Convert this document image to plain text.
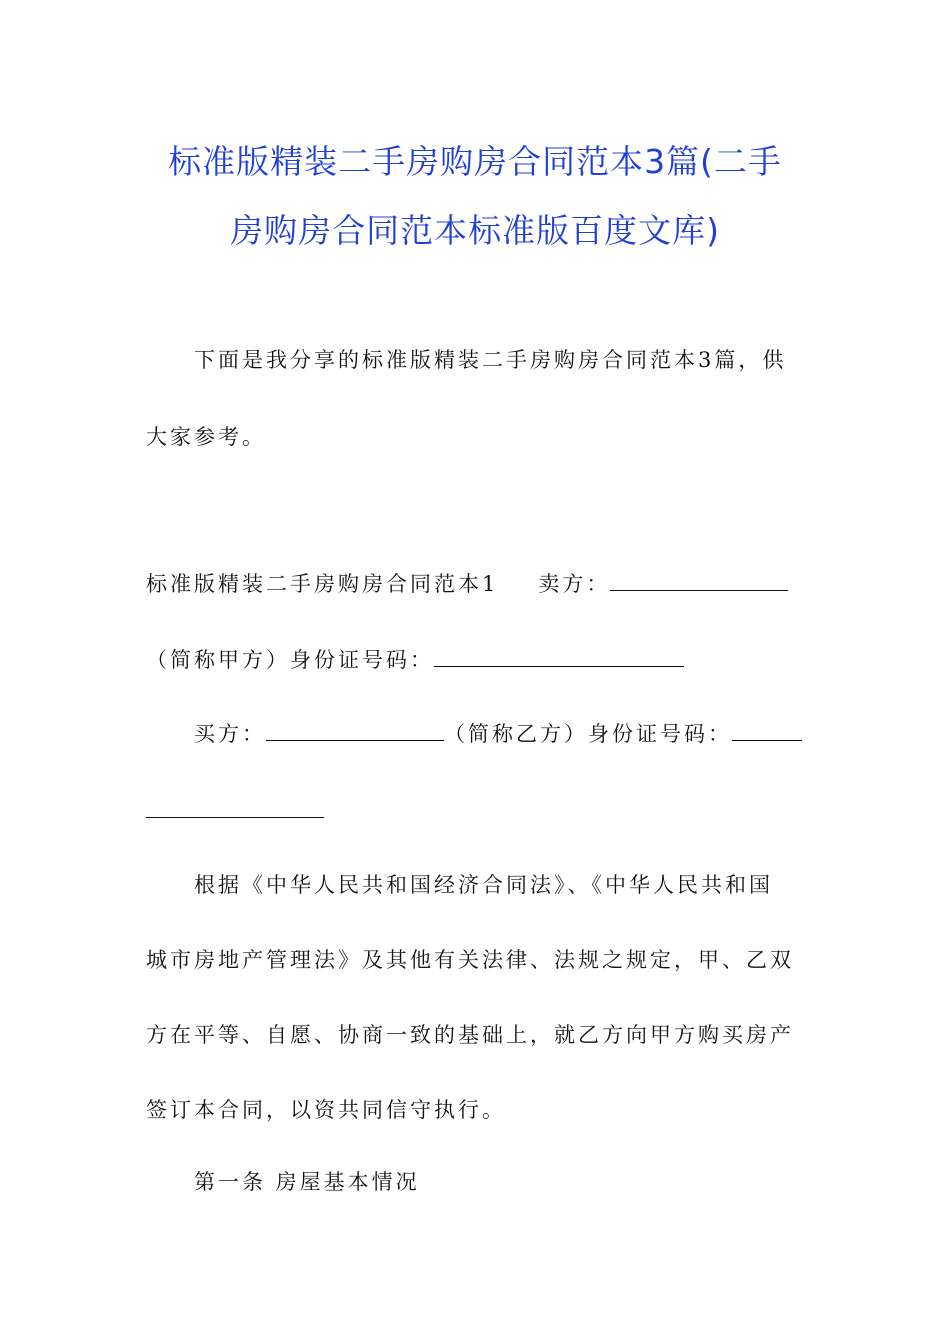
标准版精装二手房购房合同范本3篇(二手
房购房合同范本标准版百度文库)
下面是我分享的标准版精装二手房购房合同范本3篇，供
大家参考。
标准版精装二手房购房合同范本1 卖方：
（简称甲方）身份证号码：
买方：	（简称乙方）身份证号码：
根据《中华人民共和国经济合同法》、《中华人民共和国
城市房地产管理法》及其他有关法律、法规之规定，甲、乙双
方在平等、自愿、协商一致的基础上，就乙方向甲方购买房产
签订本合同，以资共同信守执行。
第一条 房屋基本情况
